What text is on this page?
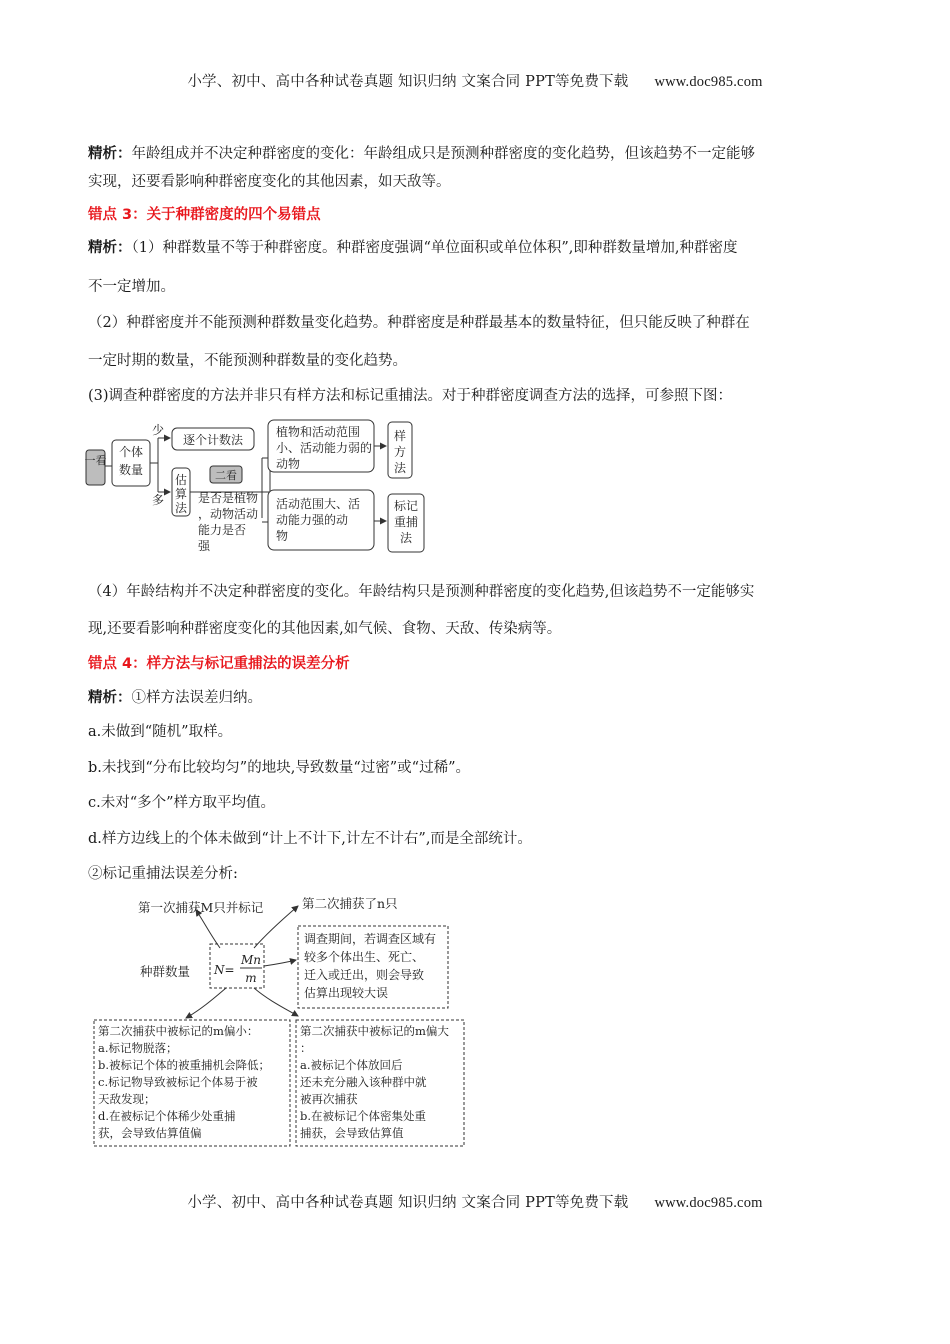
小学、初中、高中各种试卷真题 知识归纳 文案合同 PPT等免费下载 www.doc985.com
精析：年龄组成并不决定种群密度的变化：年龄组成只是预测种群密度的变化趋势，但该趋势不一定能够
实现，还要看影响种群密度变化的其他因素，如天敌等。
错点 3：关于种群密度的四个易错点
精析：（1）种群数量不等于种群密度。种群密度强调“单位面积或单位体积”,即种群数量增加,种群密度
不一定增加。
（2）种群密度并不能预测种群数量变化趋势。种群密度是种群最基本的数量特征，但只能反映了种群在
一定时期的数量，不能预测种群数量的变化趋势。
(3)调查种群密度的方法并非只有样方法和标记重捕法。对于种群密度调查方法的选择，可参照下图：
一看
个体
数量
少
多
逐个计数法
估
算
法
二看
是否是植物
，动物活动
能力是否
强
植物和活动范围
小、活动能力弱的
动物
样
方
法
活动范围大、活
动能力强的动
物
标记
重捕
法
（4）年龄结构并不决定种群密度的变化。年龄结构只是预测种群密度的变化趋势,但该趋势不一定能够实
现,还要看影响种群密度变化的其他因素,如气候、食物、天敌、传染病等。
错点 4：样方法与标记重捕法的误差分析
精析：①样方法误差归纳。
a.未做到“随机”取样。
b.未找到“分布比较均匀”的地块,导致数量“过密”或“过稀”。
c.未对“多个”样方取平均值。
d.样方边线上的个体未做到“计上不计下,计左不计右”,而是全部统计。
②标记重捕法误差分析:
第一次捕获M只并标记	第二次捕获了n只
种群数量 N=
Mn
m
调查期间，若调查区域有
较多个体出生、死亡、
迁入或迁出，则会导致
估算出现较大误
第二次捕获中被标记的m偏小：
a.标记物脱落；
b.被标记个体的被重捕机会降低；
c.标记物导致被标记个体易于被
天敌发现；
d.在被标记个体稀少处重捕
获，会导致估算值偏
第二次捕获中被标记的m偏大
：
a.被标记个体放回后
还未充分融入该种群中就
被再次捕获
b.在被标记个体密集处重
捕获，会导致估算值
小学、初中、高中各种试卷真题 知识归纳 文案合同 PPT等免费下载 www.doc985.com
